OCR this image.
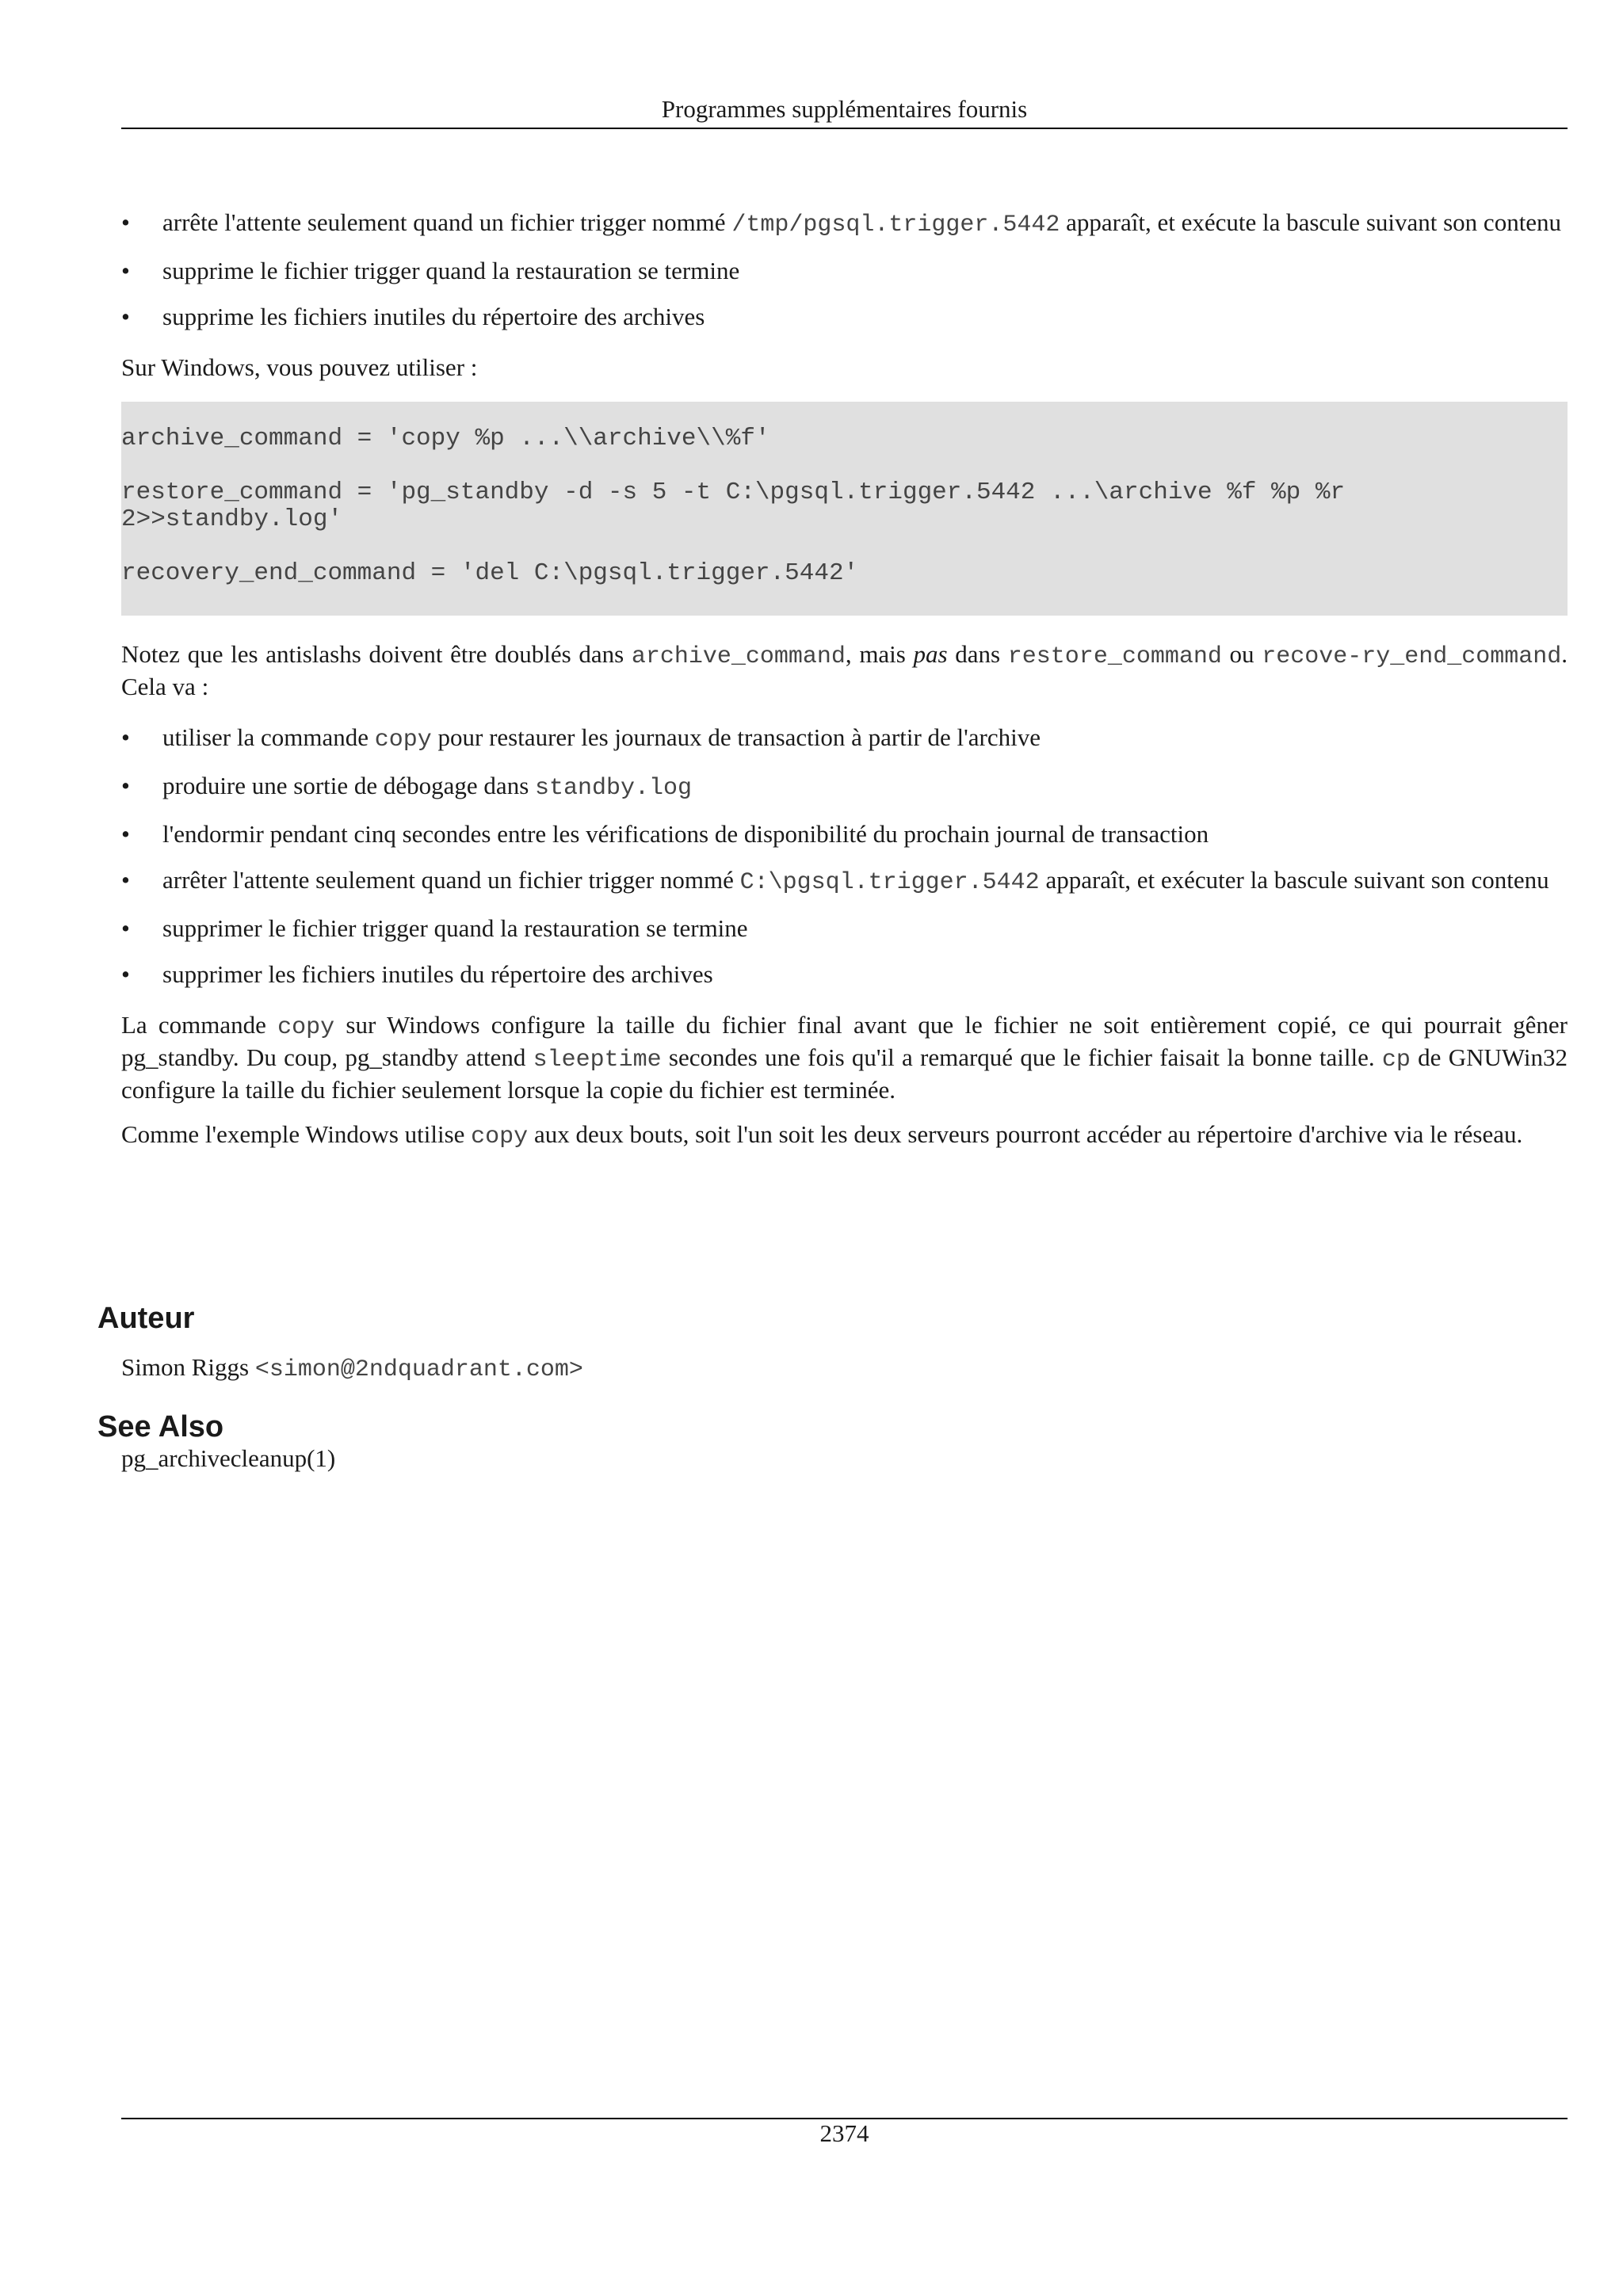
Programmes supplémentaires fournis
• arrête l'attente seulement quand un fichier trigger nommé /tmp/pgsql.trigger.5442 apparaît, et exécute la bascule suivant son contenu
• supprime le fichier trigger quand la restauration se termine
• supprime les fichiers inutiles du répertoire des archives

Sur Windows, vous pouvez utiliser :

archive_command = 'copy %p ...\\archive\\%f'
restore_command = 'pg_standby -d -s 5 -t C:\pgsql.trigger.5442 ...\archive %f %p %r 2>>standby.log'
recovery_end_command = 'del C:\pgsql.trigger.5442'

Notez que les antislashs doivent être doublés dans archive_command, mais pas dans restore_command ou recove-ry_end_command. Cela va :

• utiliser la commande copy pour restaurer les journaux de transaction à partir de l'archive
• produire une sortie de débogage dans standby.log
• l'endormir pendant cinq secondes entre les vérifications de disponibilité du prochain journal de transaction
• arrêter l'attente seulement quand un fichier trigger nommé C:\pgsql.trigger.5442 apparaît, et exécuter la bascule suivant son contenu
• supprimer le fichier trigger quand la restauration se termine
• supprimer les fichiers inutiles du répertoire des archives

La commande copy sur Windows configure la taille du fichier final avant que le fichier ne soit entièrement copié, ce qui pourrait gêner pg_standby. Du coup, pg_standby attend sleeptime secondes une fois qu'il a remarqué que le fichier faisait la bonne taille. cp de GNUWin32 configure la taille du fichier seulement lorsque la copie du fichier est terminée.

Comme l'exemple Windows utilise copy aux deux bouts, soit l'un soit les deux serveurs pourront accéder au répertoire d'archive via le réseau.

Auteur
Simon Riggs <simon@2ndquadrant.com>
See Also
pg_archivecleanup(1)
2374
